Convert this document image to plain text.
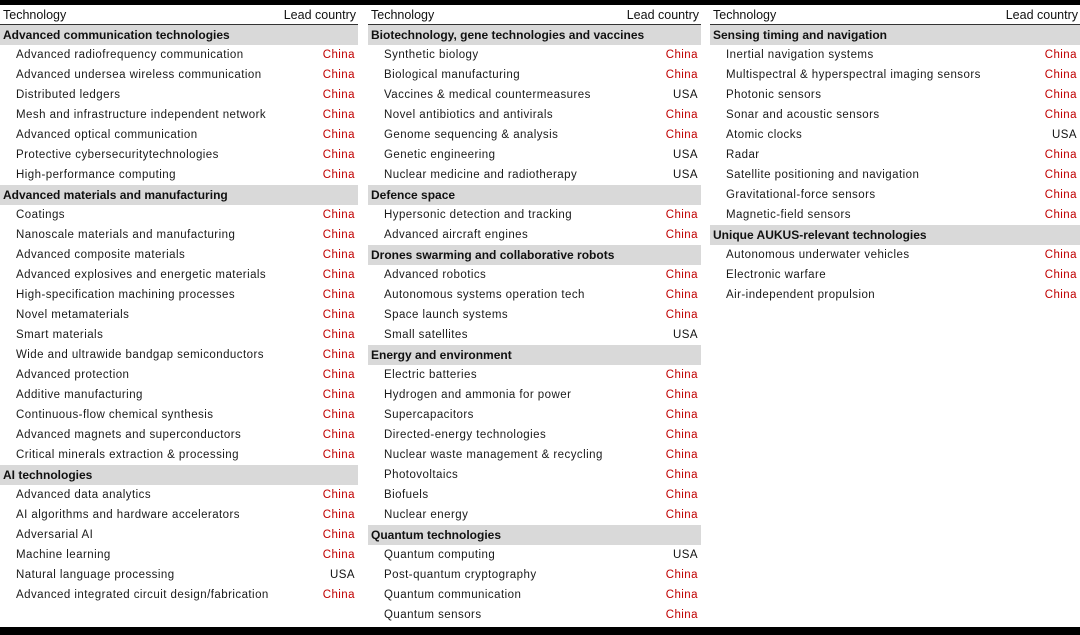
Technology	Lead country
Advanced communication technologies
Advanced radiofrequency communication	China
Advanced undersea wireless communication	China
Distributed ledgers	China
Mesh and infrastructure independent network	China
Advanced optical communication	China
Protective cybersecuritytechnologies	China
High-performance computing	China
Advanced materials and manufacturing
Coatings	China
Nanoscale materials and manufacturing	China
Advanced composite materials	China
Advanced explosives and energetic materials	China
High-specification machining processes	China
Novel metamaterials	China
Smart materials	China
Wide and ultrawide bandgap semiconductors	China
Advanced protection	China
Additive manufacturing	China
Continuous-flow chemical synthesis	China
Advanced magnets and superconductors	China
Critical minerals extraction & processing	China
AI technologies
Advanced data analytics	China
AI algorithms and hardware accelerators	China
Adversarial AI	China
Machine learning	China
Natural language processing	USA
Advanced integrated circuit design/fabrication	China
Technology	Lead country
Biotechnology, gene technologies and vaccines
Synthetic biology	China
Biological manufacturing	China
Vaccines & medical countermeasures	USA
Novel antibiotics and antivirals	China
Genome sequencing & analysis	China
Genetic engineering	USA
Nuclear medicine and radiotherapy	USA
Defence space
Hypersonic detection and tracking	China
Advanced aircraft engines	China
Drones swarming and collaborative robots
Advanced robotics	China
Autonomous systems operation tech	China
Space launch systems	China
Small satellites	USA
Energy and environment
Electric batteries	China
Hydrogen and ammonia for power	China
Supercapacitors	China
Directed-energy technologies	China
Nuclear waste management & recycling	China
Photovoltaics	China
Biofuels	China
Nuclear energy	China
Quantum technologies
Quantum computing	USA
Post-quantum cryptography	China
Quantum communication	China
Quantum sensors	China
Technology	Lead country
Sensing timing and navigation
Inertial navigation systems	China
Multispectral & hyperspectral imaging sensors	China
Photonic sensors	China
Sonar and acoustic sensors	China
Atomic clocks	USA
Radar	China
Satellite positioning and navigation	China
Gravitational-force sensors	China
Magnetic-field sensors	China
Unique AUKUS-relevant technologies
Autonomous underwater vehicles	China
Electronic warfare	China
Air-independent propulsion	China
